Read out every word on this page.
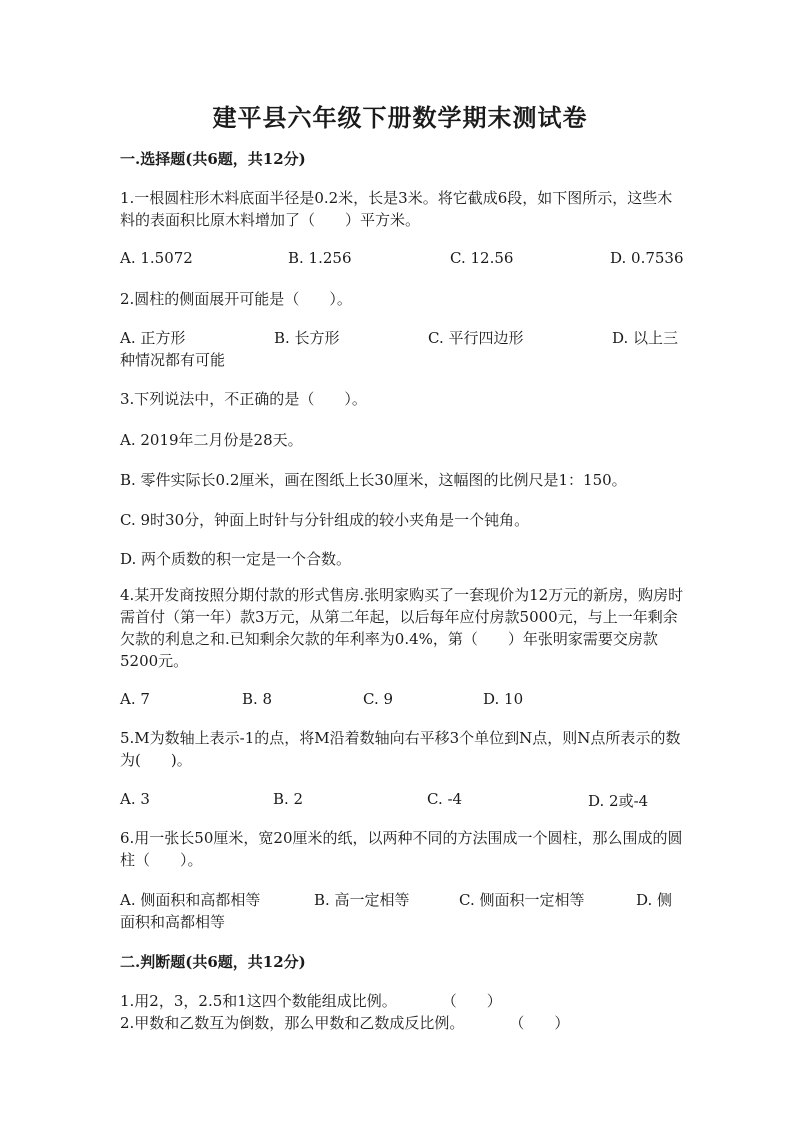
建平县六年级下册数学期末测试卷
一.选择题(共6题，共12分)
1.一根圆柱形木料底面半径是0.2米，长是3米。将它截成6段，如下图所示，这些木料的表面积比原木料增加了（　　）平方米。
A. 1.5072	B. 1.256	C. 12.56	D. 0.7536
2.圆柱的侧面展开可能是（　　）。
A. 正方形	B. 长方形	C. 平行四边形	D. 以上三种情况都有可能
3.下列说法中，不正确的是（　　）。
A. 2019年二月份是28天。
B. 零件实际长0.2厘米，画在图纸上长30厘米，这幅图的比例尺是1：150。
C. 9时30分，钟面上时针与分针组成的较小夹角是一个钝角。
D. 两个质数的积一定是一个合数。
4.某开发商按照分期付款的形式售房.张明家购买了一套现价为12万元的新房，购房时需首付（第一年）款3万元，从第二年起，以后每年应付房款5000元，与上一年剩余欠款的利息之和.已知剩余欠款的年利率为0.4%，第（　　）年张明家需要交房款5200元。
A. 7	B. 8	C. 9	D. 10
5.M为数轴上表示-1的点，将M沿着数轴向右平移3个单位到N点，则N点所表示的数为(　　)。
A. 3	B. 2	C. -4	D. 2或-4
6.用一张长50厘米，宽20厘米的纸，以两种不同的方法围成一个圆柱，那么围成的圆柱（　　）。
A. 侧面积和高都相等	B. 高一定相等	C. 侧面积一定相等	D. 侧面积和高都相等
二.判断题(共6题，共12分)
1.用2，3，2.5和1这四个数能组成比例。　　　　（　　）
2.甲数和乙数互为倒数，那么甲数和乙数成反比例。　　　　（　　）
